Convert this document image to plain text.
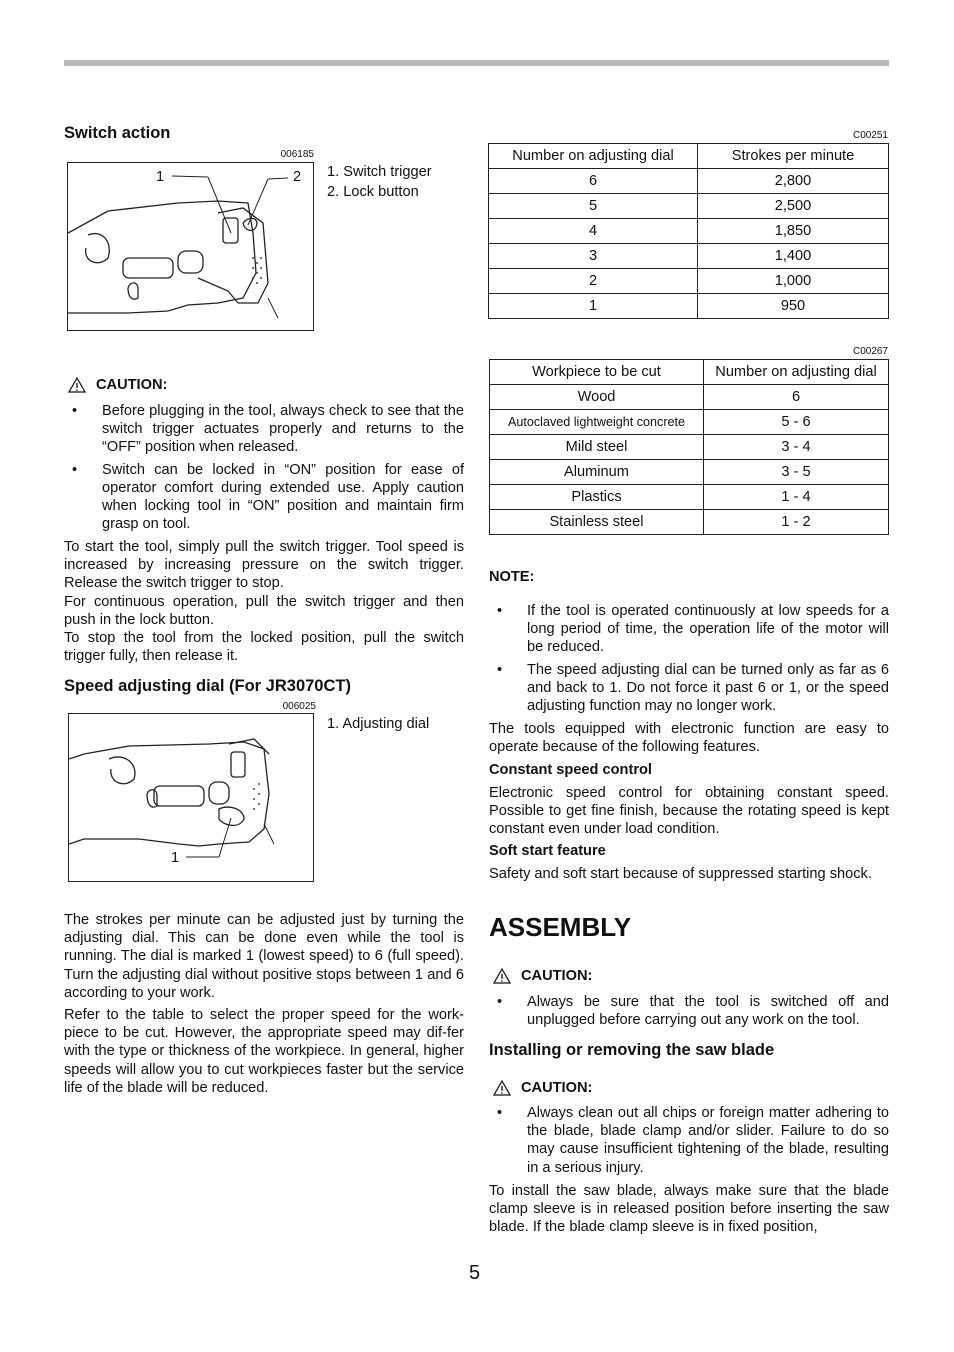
Switch action
006185
1	2 1. Switch trigger
2. Lock button
CAUTION:
• Before plugging in the tool, always check to see that the switch trigger actuates properly and returns to the “OFF” position when released.
• Switch can be locked in “ON” position for ease of operator comfort during extended use. Apply caution when locking tool in “ON” position and maintain firm grasp on tool.

To start the tool, simply pull the switch trigger. Tool speed is increased by increasing pressure on the switch trigger. Release the switch trigger to stop.

For continuous operation, pull the switch trigger and then push in the lock button.

To stop the tool from the locked position, pull the switch trigger fully, then release it.

Speed adjusting dial (For JR3070CT)
006025
1
1. Adjusting dial

The strokes per minute can be adjusted just by turning the adjusting dial. This can be done even while the tool is running. The dial is marked 1 (lowest speed) to 6 (full speed). Turn the adjusting dial without positive stops between 1 and 6 according to your work.

Refer to the table to select the proper speed for the work-piece to be cut. However, the appropriate speed may dif-fer with the type or thickness of the workpiece. In general, higher speeds will allow you to cut workpieces faster but the service life of the blade will be reduced.

C00251
Number on adjusting dial	Strokes per minute
6	2,800
5	2,500
4	1,850
3	1,400
2	1,000
1	950
C00267
Workpiece to be cut	Number on adjusting dial
Wood	6
Autoclaved lightweight concrete	5 - 6
Mild steel	3 - 4
Aluminum	3 - 5
Plastics	1 - 4
Stainless steel	1 - 2
NOTE:
• If the tool is operated continuously at low speeds for a long period of time, the operation life of the motor will be reduced.
• The speed adjusting dial can be turned only as far as 6 and back to 1. Do not force it past 6 or 1, or the speed adjusting function may no longer work.

The tools equipped with electronic function are easy to operate because of the following features.

Constant speed control

Electronic speed control for obtaining constant speed. Possible to get fine finish, because the rotating speed is kept constant even under load condition.

Soft start feature

Safety and soft start because of suppressed starting shock.

ASSEMBLY
CAUTION:
• Always be sure that the tool is switched off and unplugged before carrying out any work on the tool.
Installing or removing the saw blade
CAUTION:
• Always clean out all chips or foreign matter adhering to the blade, blade clamp and/or slider. Failure to do so may cause insufficient tightening of the blade, resulting in a serious injury.

To install the saw blade, always make sure that the blade clamp sleeve is in released position before inserting the saw blade. If the blade clamp sleeve is in fixed position,

5
